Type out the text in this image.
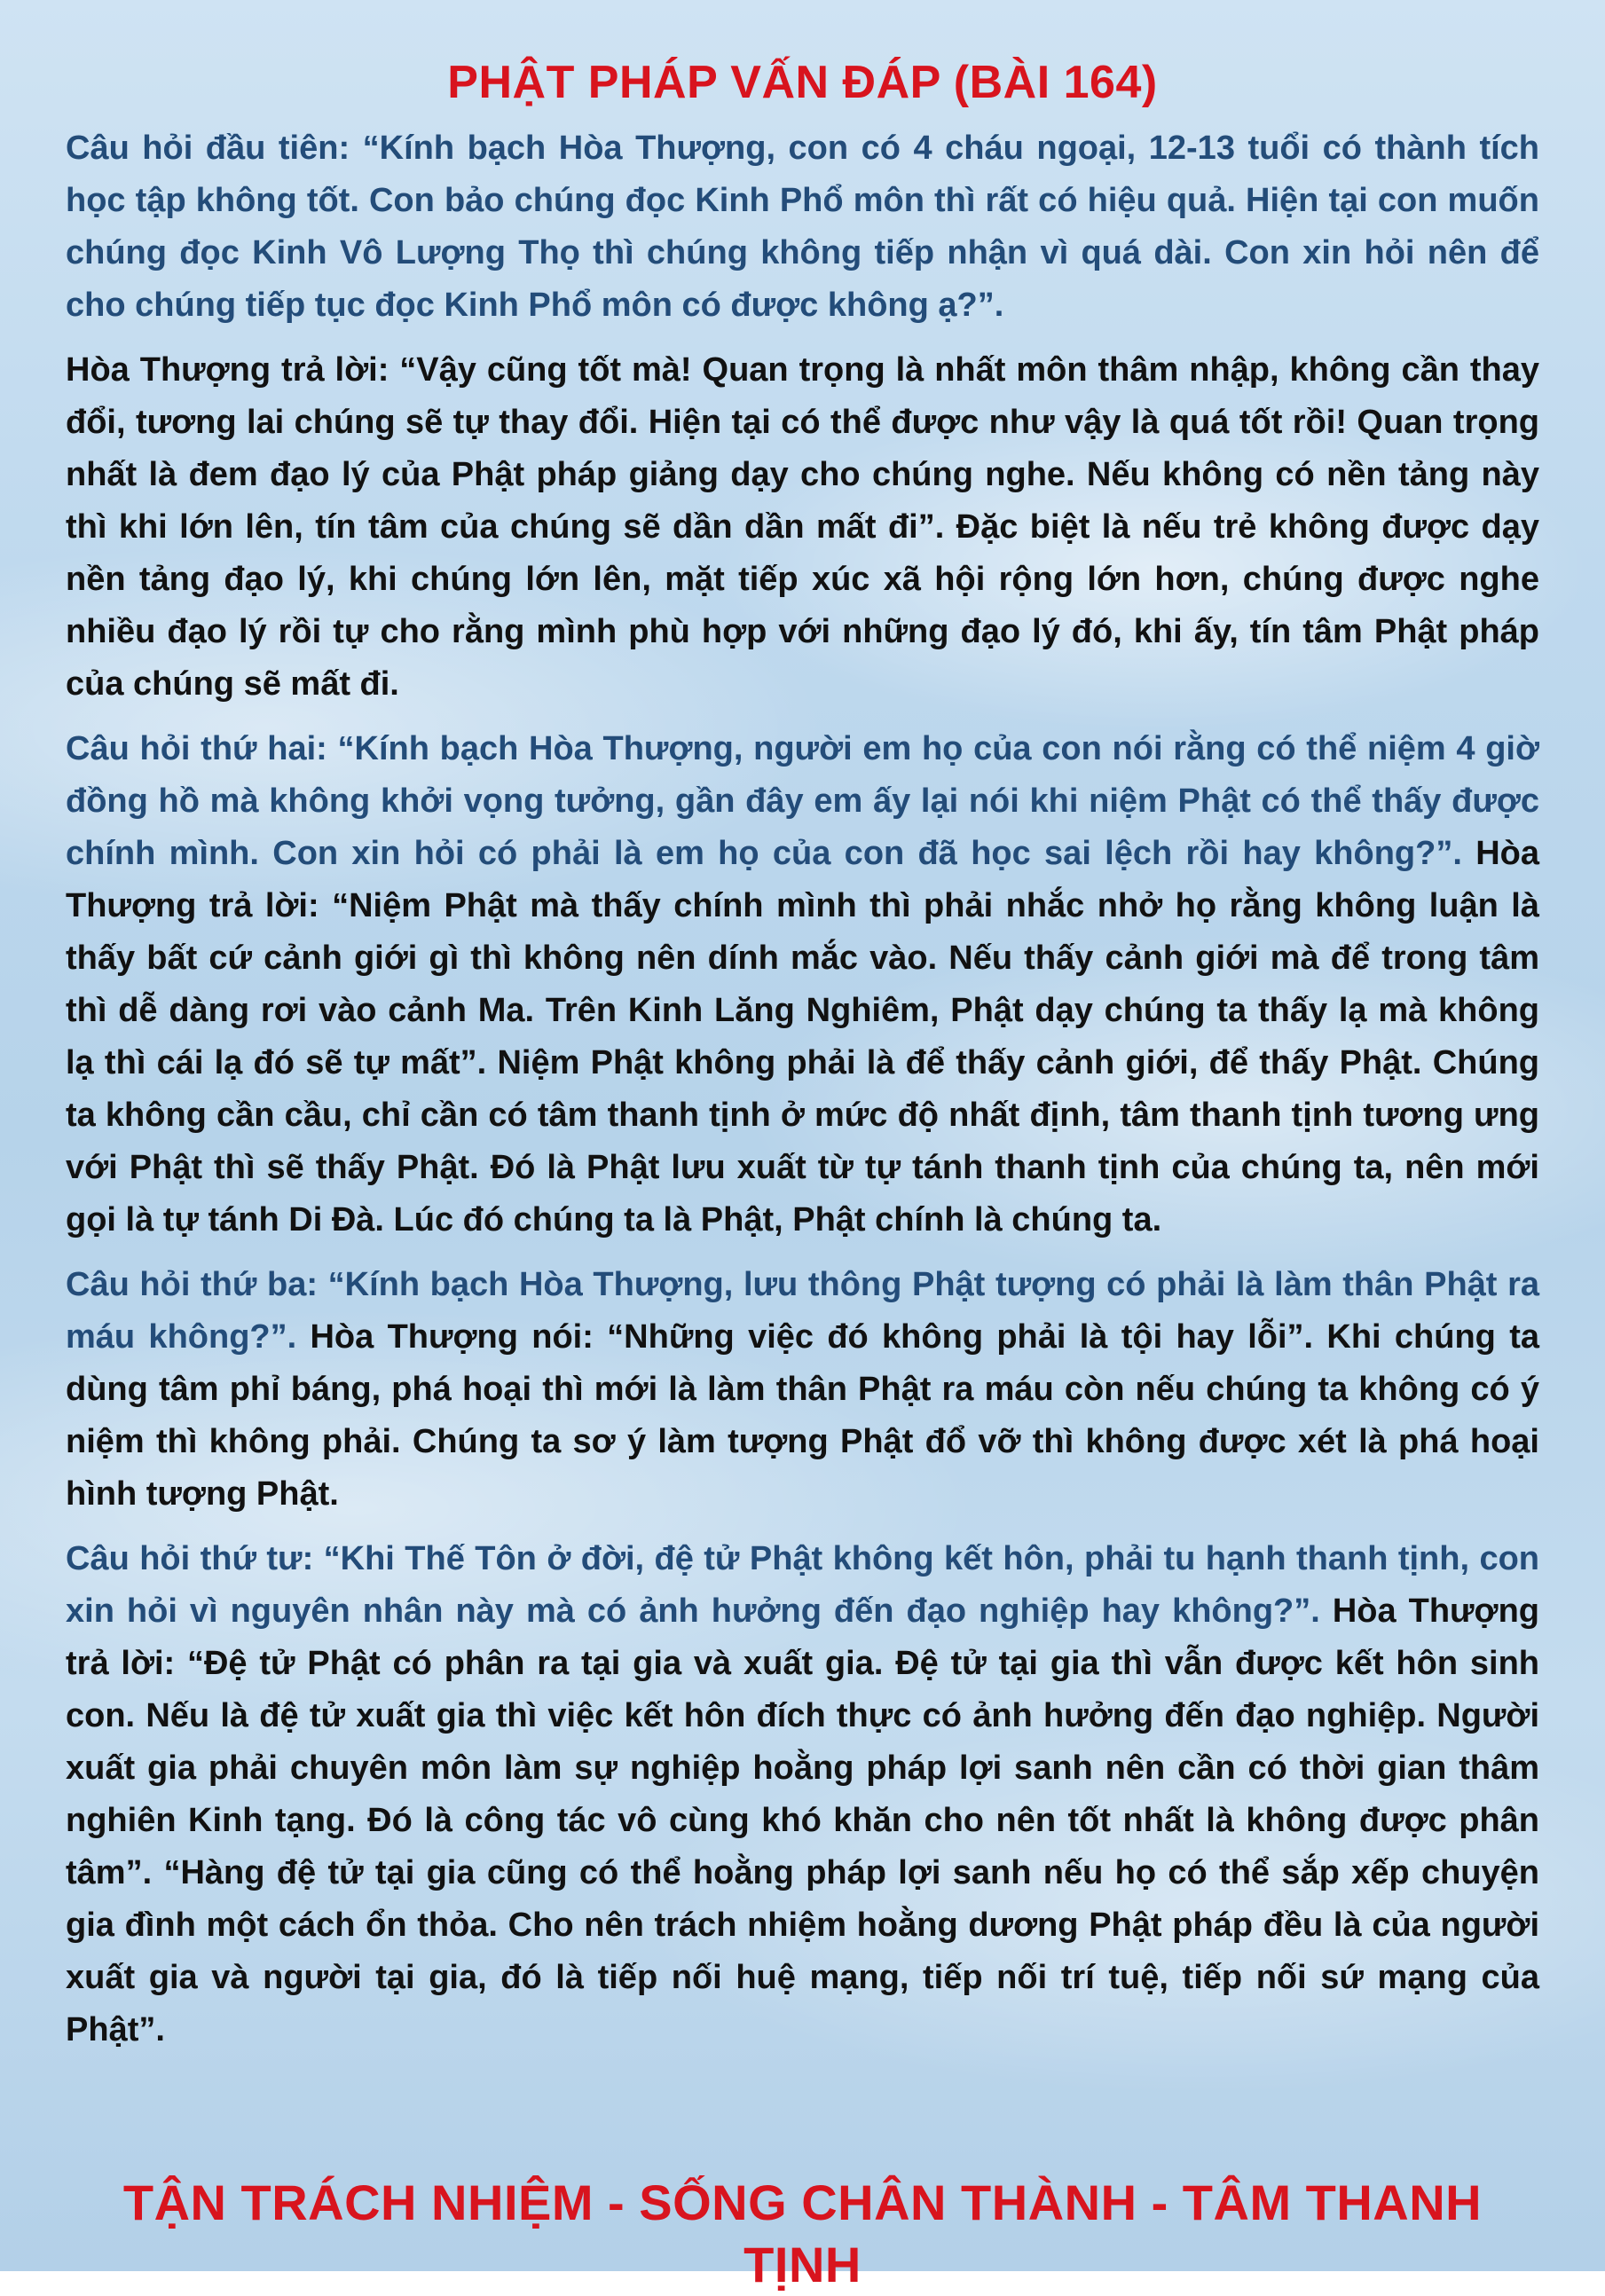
PHẬT PHÁP VẤN ĐÁP (BÀI 164)

Câu hỏi đầu tiên: “Kính bạch Hòa Thượng, con có 4 cháu ngoại, 12-13 tuổi có thành tích học tập không tốt. Con bảo chúng đọc Kinh Phổ môn thì rất có hiệu quả. Hiện tại con muốn chúng đọc Kinh Vô Lượng Thọ thì chúng không tiếp nhận vì quá dài. Con xin hỏi nên để cho chúng tiếp tục đọc Kinh Phổ môn có được không ạ?”.

Hòa Thượng trả lời: “Vậy cũng tốt mà! Quan trọng là nhất môn thâm nhập, không cần thay đổi, tương lai chúng sẽ tự thay đổi. Hiện tại có thể được như vậy là quá tốt rồi! Quan trọng nhất là đem đạo lý của Phật pháp giảng dạy cho chúng nghe. Nếu không có nền tảng này thì khi lớn lên, tín tâm của chúng sẽ dần dần mất đi”. Đặc biệt là nếu trẻ không được dạy nền tảng đạo lý, khi chúng lớn lên, mặt tiếp xúc xã hội rộng lớn hơn, chúng được nghe nhiều đạo lý rồi tự cho rằng mình phù hợp với những đạo lý đó, khi ấy, tín tâm Phật pháp của chúng sẽ mất đi.

Câu hỏi thứ hai: “Kính bạch Hòa Thượng, người em họ của con nói rằng có thể niệm 4 giờ đồng hồ mà không khởi vọng tưởng, gần đây em ấy lại nói khi niệm Phật có thể thấy được chính mình. Con xin hỏi có phải là em họ của con đã học sai lệch rồi hay không?”. Hòa Thượng trả lời: “Niệm Phật mà thấy chính mình thì phải nhắc nhở họ rằng không luận là thấy bất cứ cảnh giới gì thì không nên dính mắc vào. Nếu thấy cảnh giới mà để trong tâm thì dễ dàng rơi vào cảnh Ma. Trên Kinh Lăng Nghiêm, Phật dạy chúng ta thấy lạ mà không lạ thì cái lạ đó sẽ tự mất”. Niệm Phật không phải là để thấy cảnh giới, để thấy Phật. Chúng ta không cần cầu, chỉ cần có tâm thanh tịnh ở mức độ nhất định, tâm thanh tịnh tương ưng với Phật thì sẽ thấy Phật. Đó là Phật lưu xuất từ tự tánh thanh tịnh của chúng ta, nên mới gọi là tự tánh Di Đà. Lúc đó chúng ta là Phật, Phật chính là chúng ta.

Câu hỏi thứ ba: “Kính bạch Hòa Thượng, lưu thông Phật tượng có phải là làm thân Phật ra máu không?”. Hòa Thượng nói: “Những việc đó không phải là tội hay lỗi”. Khi chúng ta dùng tâm phỉ báng, phá hoại thì mới là làm thân Phật ra máu còn nếu chúng ta không có ý niệm thì không phải. Chúng ta sơ ý làm tượng Phật đổ vỡ thì không được xét là phá hoại hình tượng Phật.

Câu hỏi thứ tư: “Khi Thế Tôn ở đời, đệ tử Phật không kết hôn, phải tu hạnh thanh tịnh, con xin hỏi vì nguyên nhân này mà có ảnh hưởng đến đạo nghiệp hay không?”. Hòa Thượng trả lời: “Đệ tử Phật có phân ra tại gia và xuất gia. Đệ tử tại gia thì vẫn được kết hôn sinh con. Nếu là đệ tử xuất gia thì việc kết hôn đích thực có ảnh hưởng đến đạo nghiệp. Người xuất gia phải chuyên môn làm sự nghiệp hoằng pháp lợi sanh nên cần có thời gian thâm nghiên Kinh tạng. Đó là công tác vô cùng khó khăn cho nên tốt nhất là không được phân tâm”. “Hàng đệ tử tại gia cũng có thể hoằng pháp lợi sanh nếu họ có thể sắp xếp chuyện gia đình một cách ổn thỏa. Cho nên trách nhiệm hoằng dương Phật pháp đều là của người xuất gia và người tại gia, đó là tiếp nối huệ mạng, tiếp nối trí tuệ, tiếp nối sứ mạng của Phật”.

TẬN TRÁCH NHIỆM - SỐNG CHÂN THÀNH - TÂM THANH TỊNH
